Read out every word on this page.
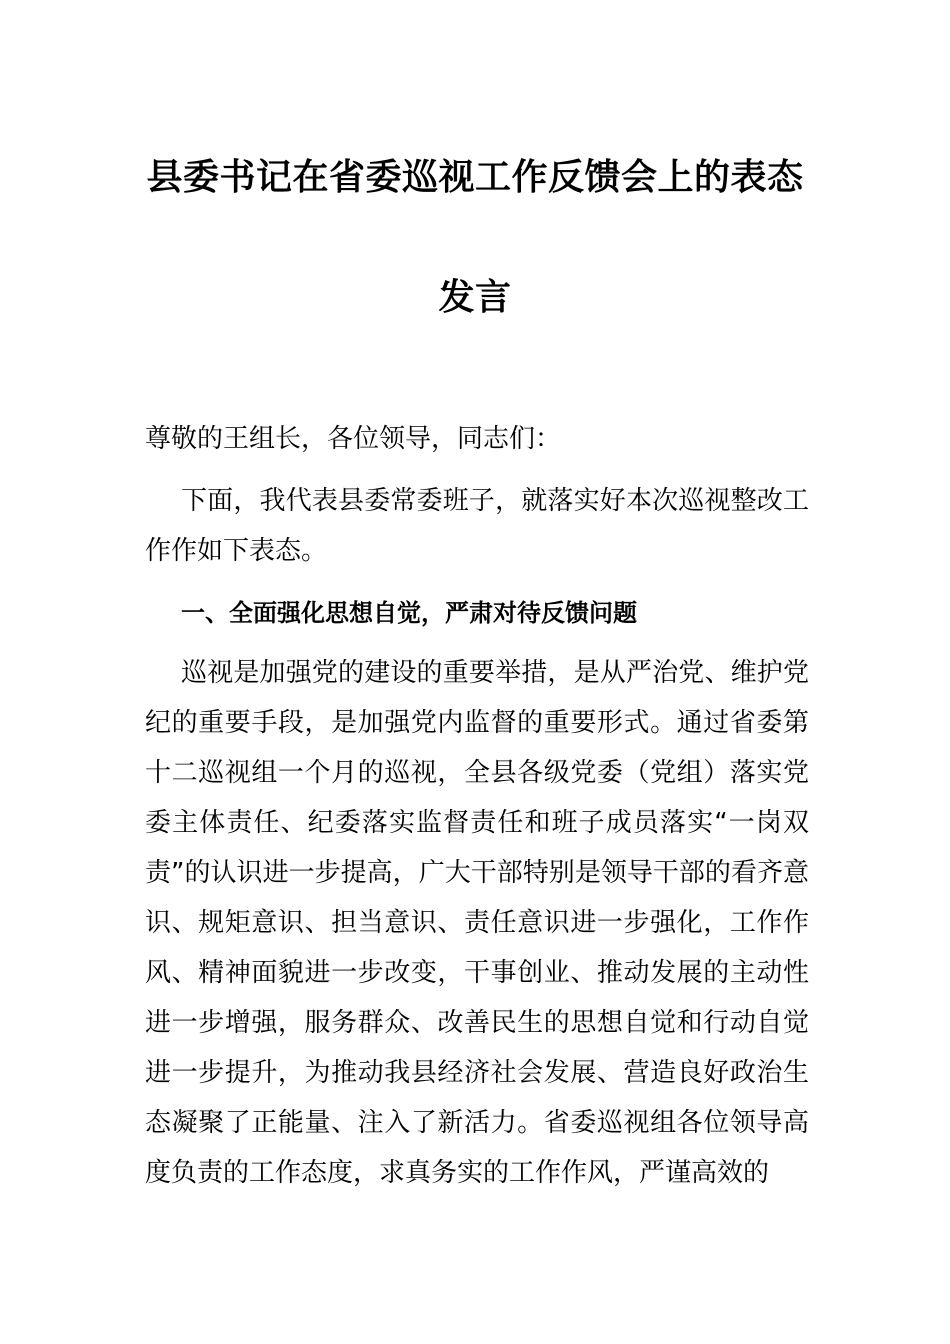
县委书记在省委巡视工作反馈会上的表态
发言

尊敬的王组长，各位领导，同志们：

下面，我代表县委常委班子，就落实好本次巡视整改工作作如下表态。

一、全面强化思想自觉，严肃对待反馈问题

巡视是加强党的建设的重要举措，是从严治党、维护党纪的重要手段，是加强党内监督的重要形式。通过省委第十二巡视组一个月的巡视，全县各级党委（党组）落实党委主体责任、纪委落实监督责任和班子成员落实“一岗双责”的认识进一步提高，广大干部特别是领导干部的看齐意识、规矩意识、担当意识、责任意识进一步强化，工作作风、精神面貌进一步改变，干事创业、推动发展的主动性进一步增强，服务群众、改善民生的思想自觉和行动自觉进一步提升，为推动我县经济社会发展、营造良好政治生态凝聚了正能量、注入了新活力。省委巡视组各位领导高度负责的工作态度，求真务实的工作作风，严谨高效的
